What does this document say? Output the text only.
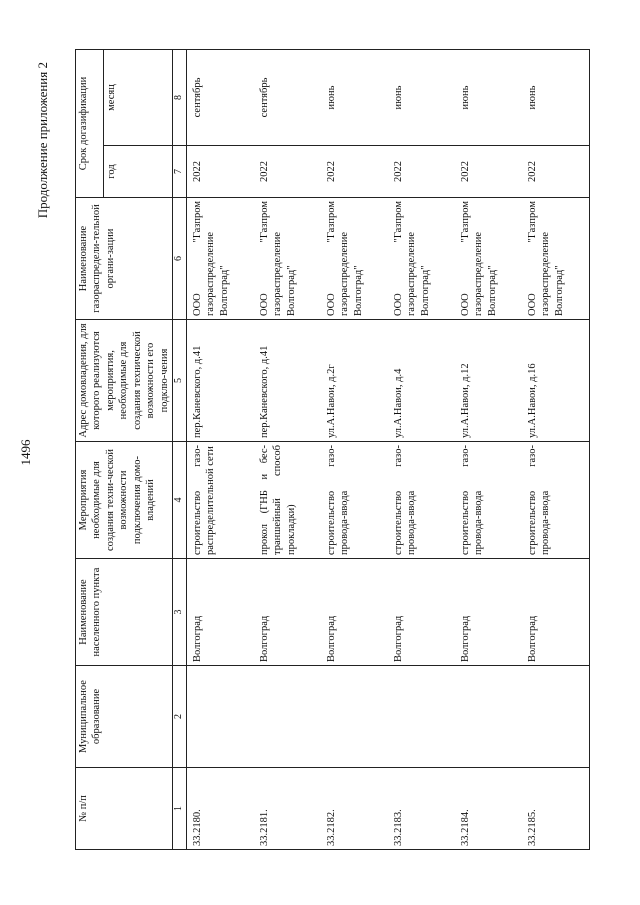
1496
Продолжение приложения 2
№ п/п	Муниципальное образование	Наименование населенного пункта	Мероприятия необходимые для создания техни-ческой возможности подключения домо-владений	Адрес домовладения, для которого реализуются мероприятия, необходимые для создания технической возможности его подклю-чения	Наименование газораспредели-тельной органи-зации	Срок догазификации	
						год	месяц
1	2	3	4	5	6	7	8
33.2180.		Волгоград	строительство газо-распределительной сети	пер.Каневского, д.41	ООО "Газпром газораспределение Волгоград"	2022	сентябрь
33.2181.		Волгоград	прокол (ГНБ и бес-траншейный способ прокладки)	пер.Каневского, д.41	ООО "Газпром газораспределение Волгоград"	2022	сентябрь
33.2182.		Волгоград	строительство газо-провода-ввода	ул.А.Навои, д.2г	ООО "Газпром газораспределение Волгоград"	2022	июнь
33.2183.		Волгоград	строительство газо-провода-ввода	ул.А.Навои, д.4	ООО "Газпром газораспределение Волгоград"	2022	июнь
33.2184.		Волгоград	строительство газо-провода-ввода	ул.А.Навои, д.12	ООО "Газпром газораспределение Волгоград"	2022	июнь
33.2185.		Волгоград	строительство газо-провода-ввода	ул.А.Навои, д.16	ООО "Газпром газораспределение Волгоград"	2022	июнь
